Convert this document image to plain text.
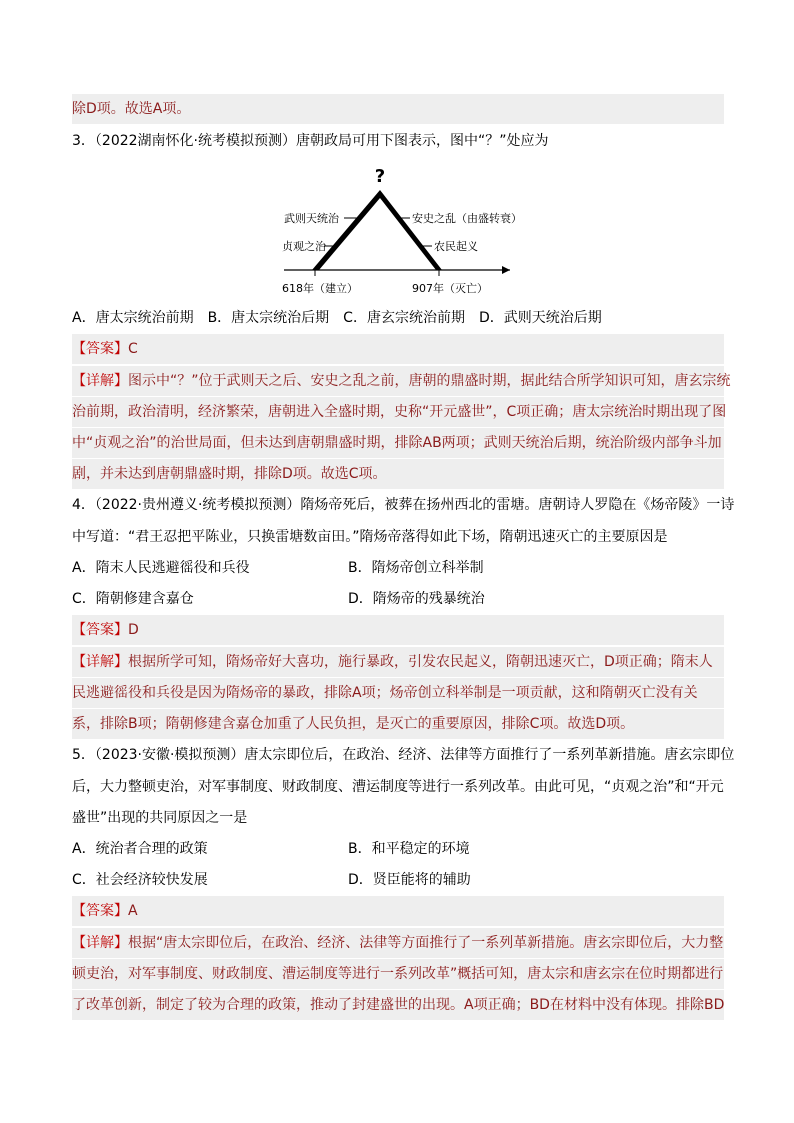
除D项。故选A项。
3．（2022湖南怀化·统考模拟预测）唐朝政局可用下图表示，图中“？”处应为
?
武则天统治
贞观之治
安史之乱（由盛转衰）
农民起义
618年（建立）	907年（灭亡）
A．唐太宗统治前期　B．唐太宗统治后期　C．唐玄宗统治前期　D．武则天统治后期
【答案】C
【详解】图示中“？”位于武则天之后、安史之乱之前，唐朝的鼎盛时期，据此结合所学知识可知，唐玄宗统
治前期，政治清明，经济繁荣，唐朝进入全盛时期，史称“开元盛世”，C项正确；唐太宗统治时期出现了图
中“贞观之治”的治世局面，但未达到唐朝鼎盛时期，排除AB两项；武则天统治后期，统治阶级内部争斗加
剧，并未达到唐朝鼎盛时期，排除D项。故选C项。
4．（2022·贵州遵义·统考模拟预测）隋炀帝死后，被葬在扬州西北的雷塘。唐朝诗人罗隐在《炀帝陵》一诗
中写道：“君王忍把平陈业，只换雷塘数亩田。”隋炀帝落得如此下场，隋朝迅速灭亡的主要原因是
A．隋末人民逃避徭役和兵役	B．隋炀帝创立科举制
C．隋朝修建含嘉仓	D．隋炀帝的残暴统治
【答案】D
【详解】根据所学可知，隋炀帝好大喜功，施行暴政，引发农民起义，隋朝迅速灭亡，D项正确；隋末人
民逃避徭役和兵役是因为隋炀帝的暴政，排除A项；炀帝创立科举制是一项贡献，这和隋朝灭亡没有关
系，排除B项；隋朝修建含嘉仓加重了人民负担，是灭亡的重要原因，排除C项。故选D项。
5．（2023·安徽·模拟预测）唐太宗即位后，在政治、经济、法律等方面推行了一系列革新措施。唐玄宗即位
后，大力整顿吏治，对军事制度、财政制度、漕运制度等进行一系列改革。由此可见，“贞观之治”和“开元
盛世”出现的共同原因之一是
A．统治者合理的政策	B．和平稳定的环境
C．社会经济较快发展	D．贤臣能将的辅助
【答案】A
【详解】根据“唐太宗即位后，在政治、经济、法律等方面推行了一系列革新措施。唐玄宗即位后，大力整
顿吏治，对军事制度、财政制度、漕运制度等进行一系列改革”概括可知，唐太宗和唐玄宗在位时期都进行
了改革创新，制定了较为合理的政策，推动了封建盛世的出现。A项正确；BD在材料中没有体现。排除BD
